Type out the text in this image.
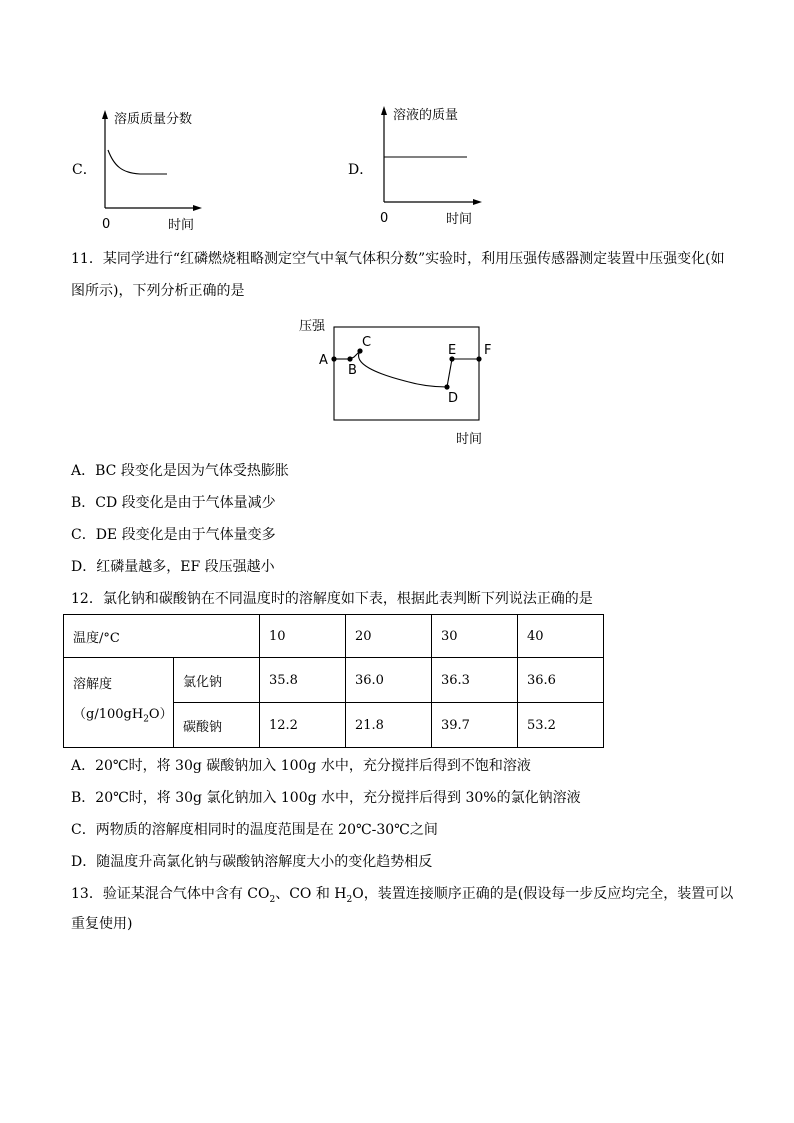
C．
溶质质量分数
0	时间
D．
溶液的质量
0	时间
11．某同学进行“红磷燃烧粗略测定空气中氧气体积分数”实验时，利用压强传感器测定装置中压强变化(如
图所示)，下列分析正确的是
压强
时间
A
B
C
D
E F
A．BC 段变化是因为气体受热膨胀
B．CD 段变化是由于气体量减少
C．DE 段变化是由于气体量变多
D．红磷量越多，EF 段压强越小
12．氯化钠和碳酸钠在不同温度时的溶解度如下表，根据此表判断下列说法正确的是
温度/°C		10	20	30	40

溶解度
$(g/100gH_2O)$	氯化钠	35.8	36.0	36.3	36.6
	碳酸钠	12.2	21.8	39.7	53.2
A．20℃时，将 30g 碳酸钠加入 100g 水中，充分搅拌后得到不饱和溶液
B．20℃时，将 30g 氯化钠加入 100g 水中，充分搅拌后得到 30%的氯化钠溶液
C．两物质的溶解度相同时的温度范围是在 20℃-30℃之间
D．随温度升高氯化钠与碳酸钠溶解度大小的变化趋势相反
13．验证某混合气体中含有 $CO_2$、CO 和 $H_2O$，装置连接顺序正确的是(假设每一步反应均完全，装置可以
重复使用)
